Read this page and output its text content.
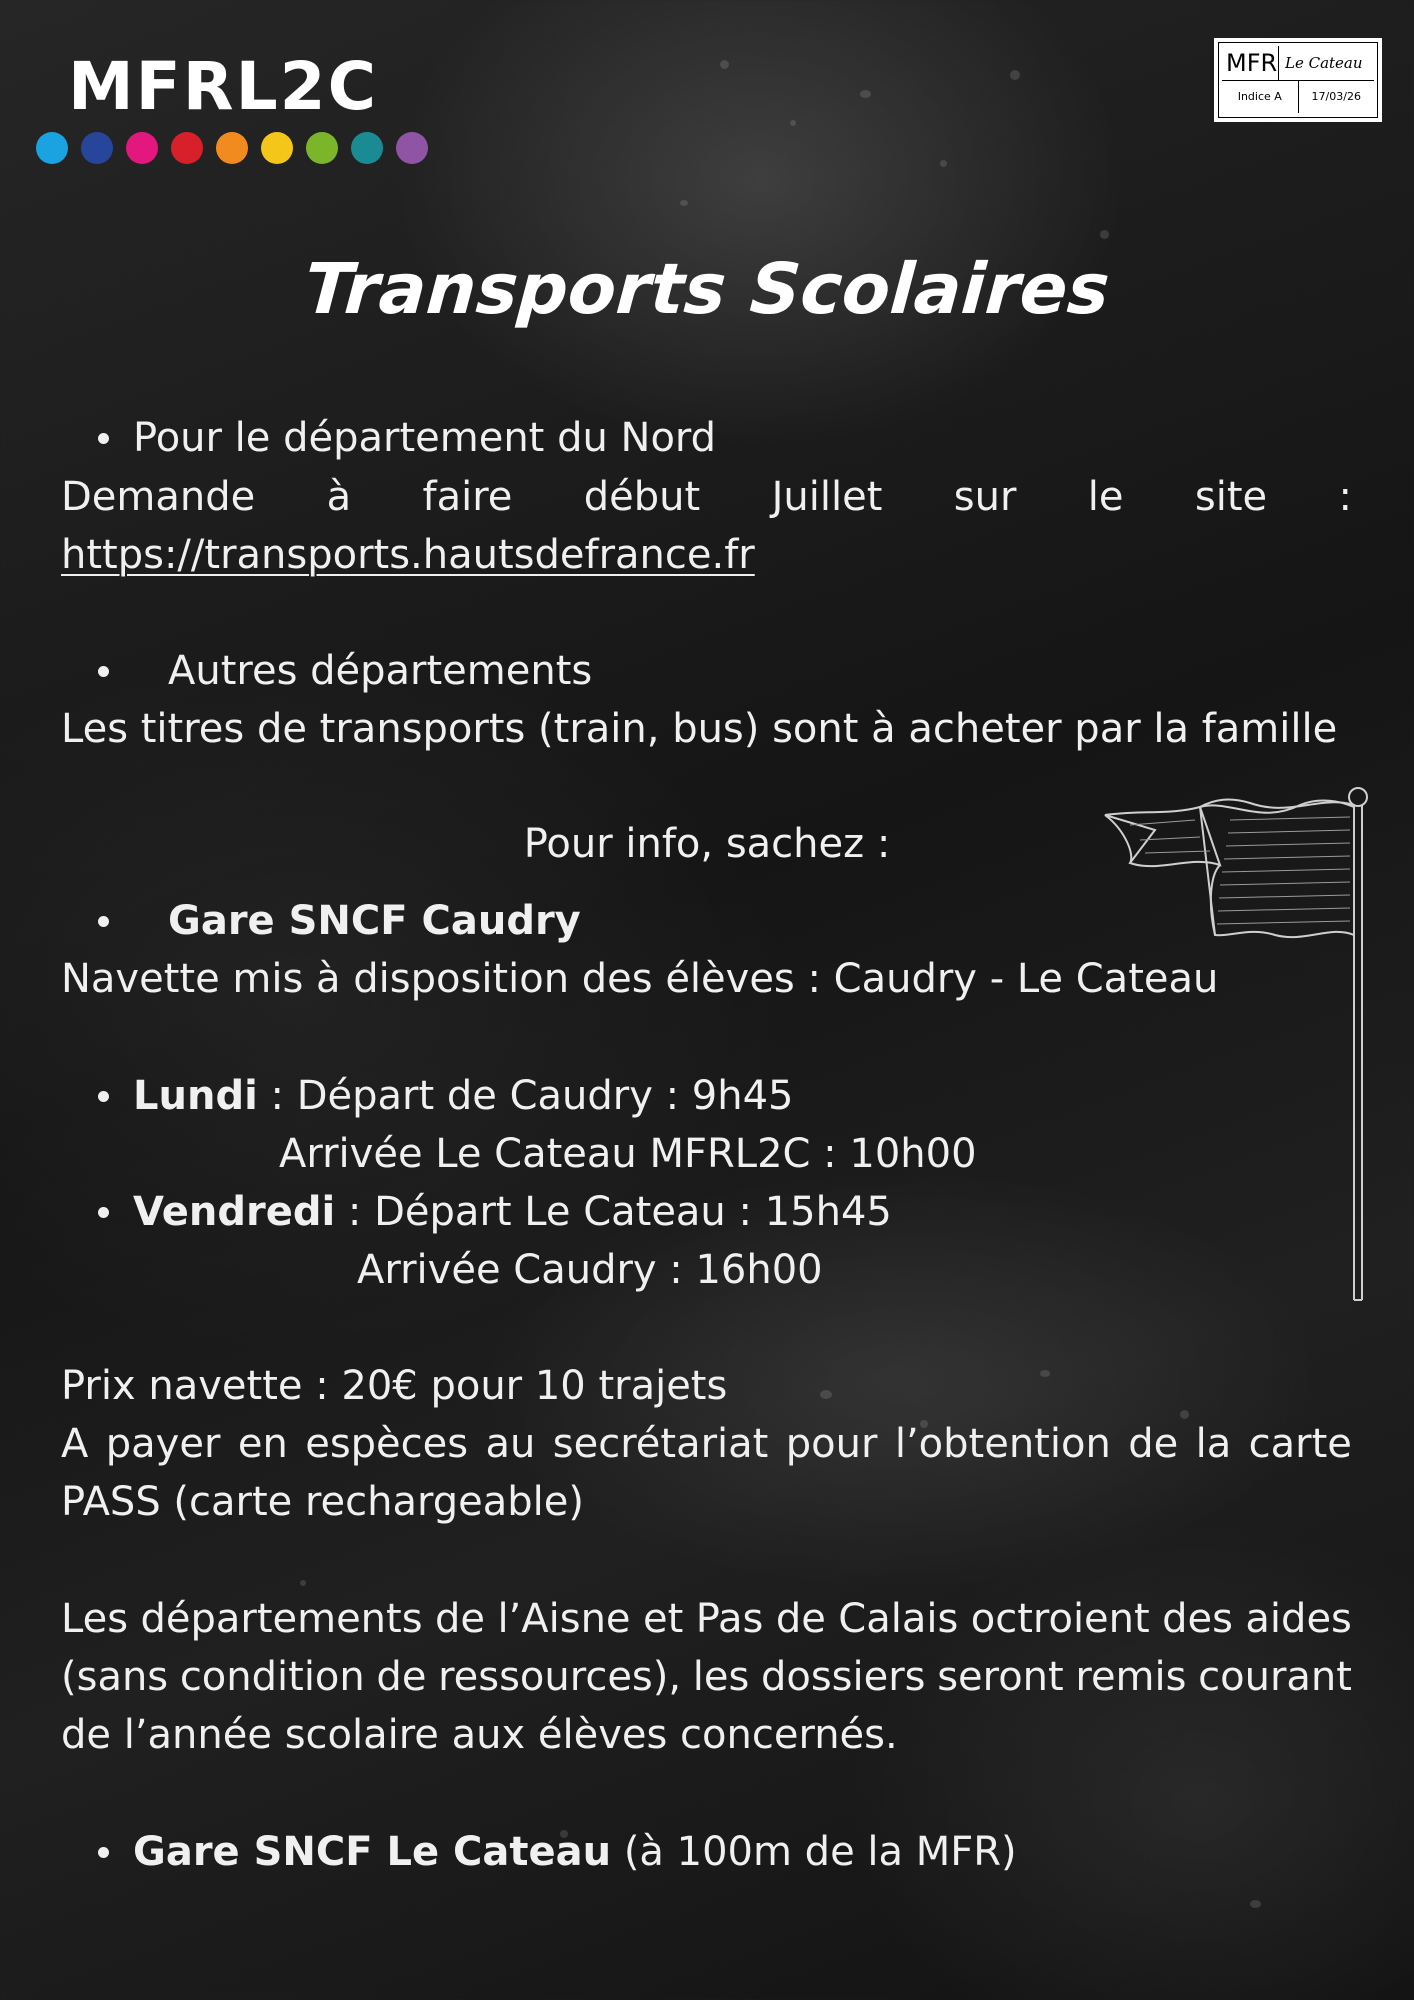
MFRL2C	MFR Le Cateau
Indice A	17/03/26
Transports Scolaires
Pour le département du Nord
Demande à faire début Juillet sur le site :
https://transports.hautsdefrance.fr
Autres départements
Les titres de transports (train, bus) sont à acheter par la famille
Pour info, sachez :
Gare SNCF Caudry
Navette mis à disposition des élèves : Caudry - Le Cateau
Lundi : Départ de Caudry : 9h45
Arrivée Le Cateau MFRL2C : 10h00
Vendredi : Départ Le Cateau : 15h45
Arrivée Caudry : 16h00
Prix navette : 20€ pour 10 trajets
A payer en espèces au secrétariat pour l’obtention de la carte
PASS (carte rechargeable)
Les départements de l’Aisne et Pas de Calais octroient des aides
(sans condition de ressources), les dossiers seront remis courant
de l’année scolaire aux élèves concernés.
Gare SNCF Le Cateau (à 100m de la MFR)
